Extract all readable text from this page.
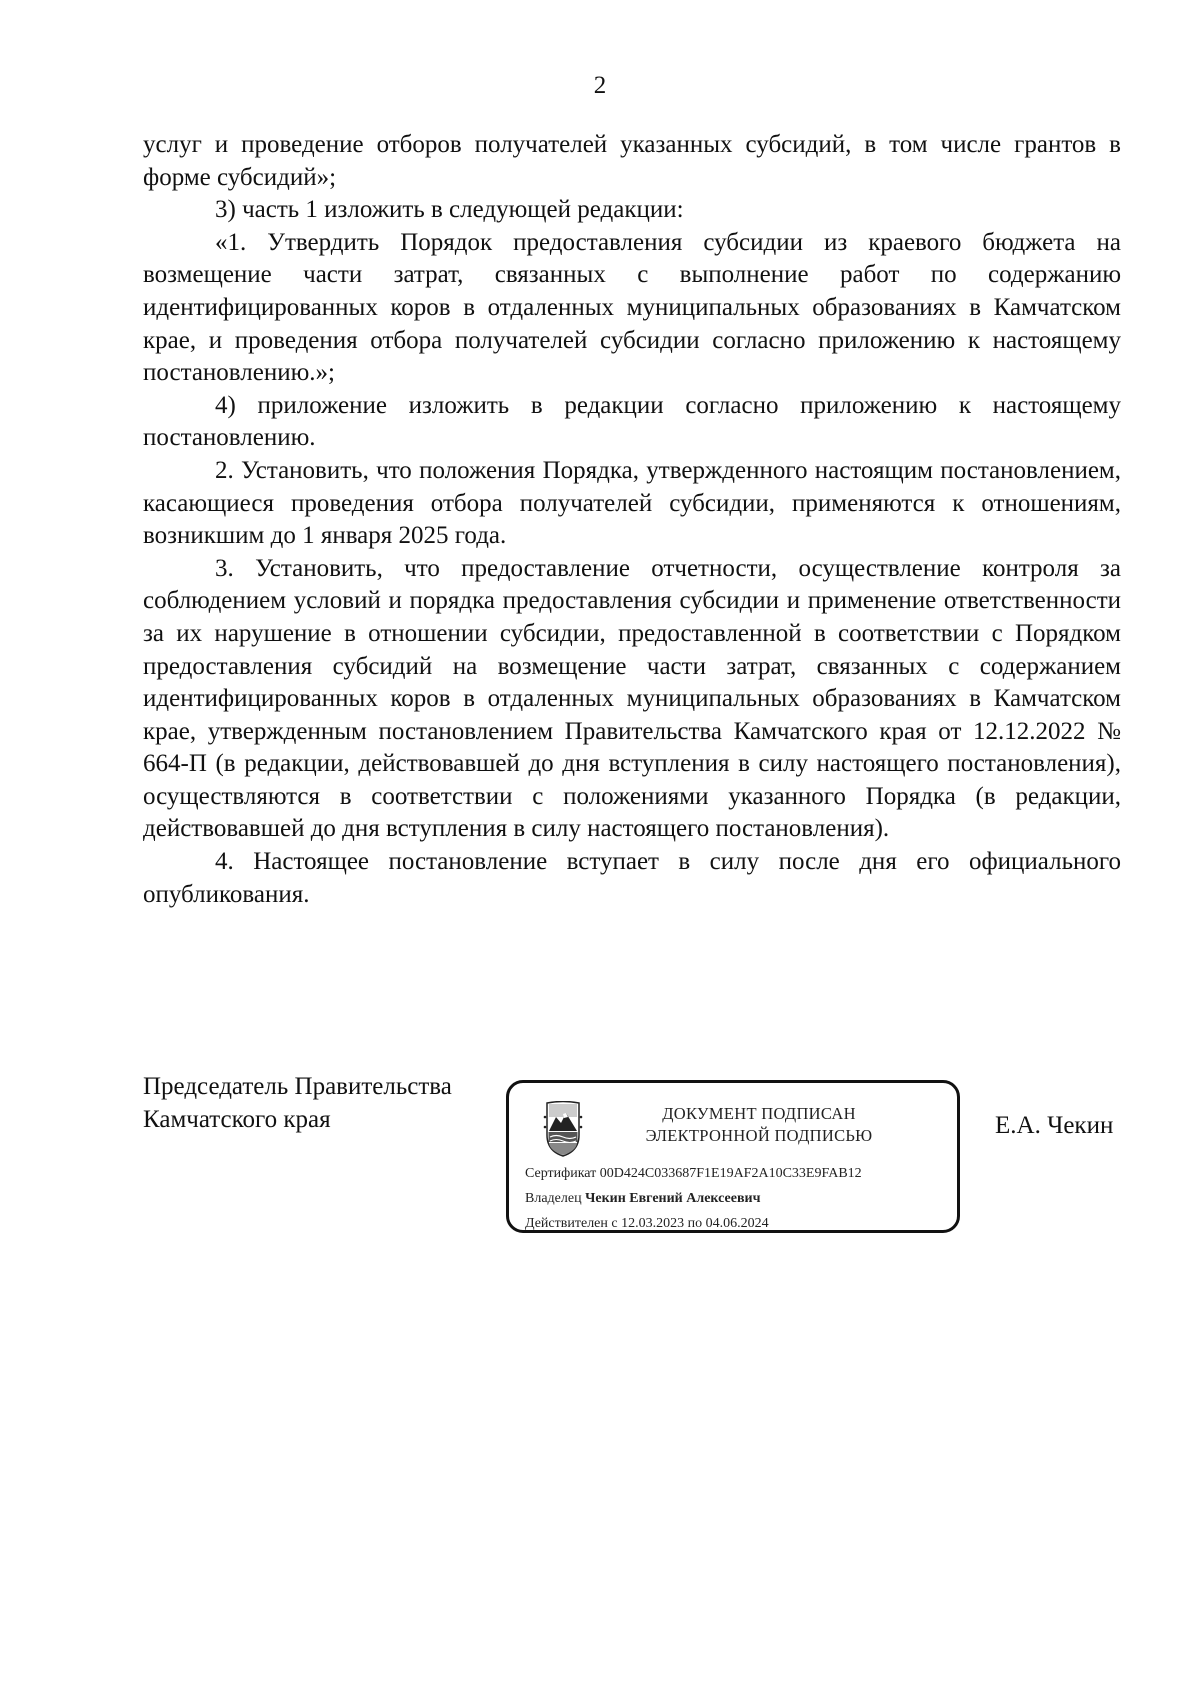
2

услуг и проведение отборов получателей указанных субсидий, в том числе грантов в форме субсидий»;

3) часть 1 изложить в следующей редакции:

«1. Утвердить Порядок предоставления субсидии из краевого бюджета на возмещение части затрат, связанных с выполнение работ по содержанию идентифицированных коров в отдаленных муниципальных образованиях в Камчатском крае, и проведения отбора получателей субсидии согласно приложению к настоящему постановлению.»;

4) приложение изложить в редакции согласно приложению к настоящему постановлению.

2. Установить, что положения Порядка, утвержденного настоящим постановлением, касающиеся проведения отбора получателей субсидии, применяются к отношениям, возникшим до 1 января 2025 года.

3. Установить, что предоставление отчетности, осуществление контроля за соблюдением условий и порядка предоставления субсидии и применение ответственности за их нарушение в отношении субсидии, предоставленной в соответствии с Порядком предоставления субсидий на возмещение части затрат, связанных с содержанием идентифицированных коров в отдаленных муниципальных образованиях в Камчатском крае, утвержденным постановлением Правительства Камчатского края от 12.12.2022 № 664-П (в редакции, действовавшей до дня вступления в силу настоящего постановления), осуществляются в соответствии с положениями указанного Порядка (в редакции, действовавшей до дня вступления в силу настоящего постановления).

4. Настоящее постановление вступает в силу после дня его официального опубликования.

Председатель Правительства
Камчатского края	ДОКУМЕНТ ПОДПИСАН
ЭЛЕКТРОННОЙ ПОДПИСЬЮ
Сертификат 00D424C033687F1E19AF2A10C33E9FAB12
Владелец Чекин Евгений Алексеевич
Действителен с 12.03.2023 по 04.06.2024
Е.А. Чекин
